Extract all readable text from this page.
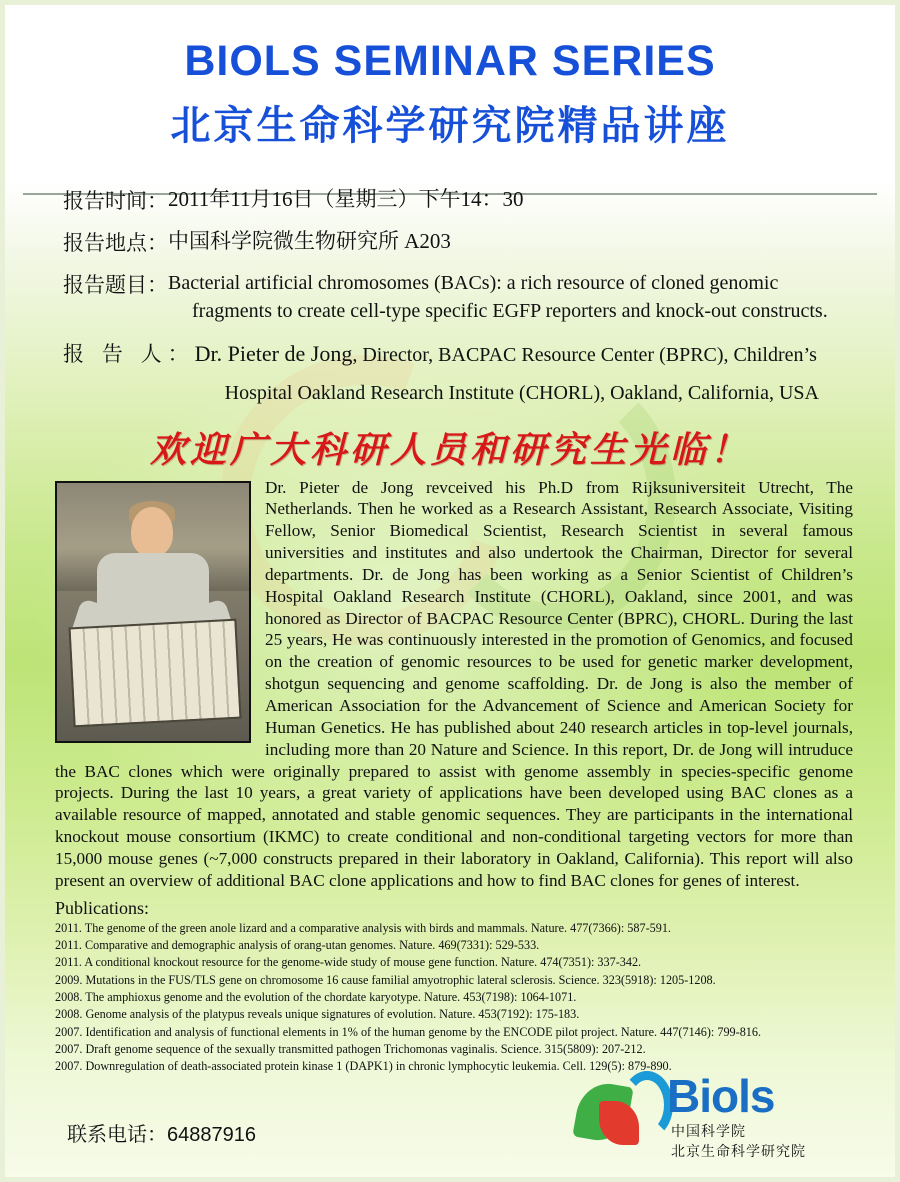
BIOLS SEMINAR SERIES
北京生命科学研究院精品讲座
报告时间： 2011年11月16日（星期三）下午14：30
报告地点： 中国科学院微生物研究所 A203
报告题目： Bacterial artificial chromosomes (BACs): a rich resource of cloned genomic
fragments to create cell-type specific EGFP reporters and knock-out constructs.
报 告 人： Dr. Pieter de Jong, Director, BACPAC Resource Center (BPRC), Children’s
Hospital Oakland Research Institute (CHORL), Oakland, California, USA
欢迎广大科研人员和研究生光临！
Dr. Pieter de Jong revceived his Ph.D from Rijksuniversiteit Utrecht, The Netherlands. Then he worked as a Research Assistant, Research Associate, Visiting Fellow, Senior Biomedical Scientist, Research Scientist in several famous universities and institutes and also undertook the Chairman, Director for several departments. Dr. de Jong has been working as a Senior Scientist of Children’s Hospital Oakland Research Institute (CHORL), Oakland, since 2001, and was honored as Director of BACPAC Resource Center (BPRC), CHORL. During the last 25 years, He was continuously interested in the promotion of Genomics, and focused on the creation of genomic resources to be used for genetic marker development, shotgun sequencing and genome scaffolding. Dr. de Jong is also the member of American Association for the Advancement of Science and American Society for Human Genetics. He has published about 240 research articles in top-level journals, including more than 20 Nature and Science. In this report, Dr. de Jong will intruduce the BAC clones which were originally prepared to assist with genome assembly in species-specific genome projects. During the last 10 years, a great variety of applications have been developed using BAC clones as a available resource of mapped, annotated and stable genomic sequences. They are participants in the international knockout mouse consortium (IKMC) to create conditional and non-conditional targeting vectors for more than 15,000 mouse genes (~7,000 constructs prepared in their laboratory in Oakland, California). This report will also present an overview of additional BAC clone applications and how to find BAC clones for genes of interest.
Publications:
2011. The genome of the green anole lizard and a comparative analysis with birds and mammals. Nature. 477(7366): 587-591.
2011. Comparative and demographic analysis of orang-utan genomes. Nature. 469(7331): 529-533.
2011. A conditional knockout resource for the genome-wide study of mouse gene function. Nature. 474(7351): 337-342.
2009. Mutations in the FUS/TLS gene on chromosome 16 cause familial amyotrophic lateral sclerosis. Science. 323(5918): 1205-1208.
2008. The amphioxus genome and the evolution of the chordate karyotype. Nature. 453(7198): 1064-1071.
2008. Genome analysis of the platypus reveals unique signatures of evolution. Nature. 453(7192): 175-183.
2007. Identification and analysis of functional elements in 1% of the human genome by the ENCODE pilot project. Nature. 447(7146): 799-816.
2007. Draft genome sequence of the sexually transmitted pathogen Trichomonas vaginalis. Science. 315(5809): 207-212.
2007. Downregulation of death-associated protein kinase 1 (DAPK1) in chronic lymphocytic leukemia. Cell. 129(5): 879-890.
联系电话：64887916
Biols
中国科学院
北京生命科学研究院
